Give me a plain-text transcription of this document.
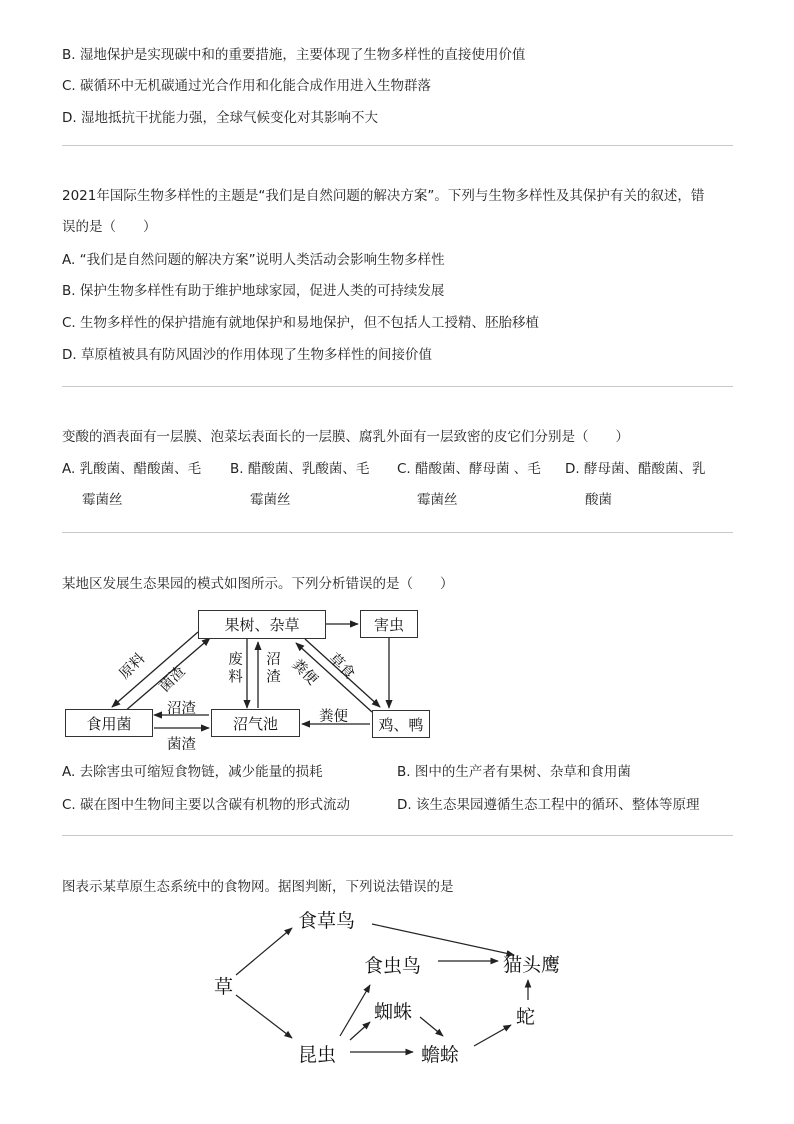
B. 湿地保护是实现碳中和的重要措施，主要体现了生物多样性的直接使用价值
C. 碳循环中无机碳通过光合作用和化能合成作用进入生物群落
D. 湿地抵抗干扰能力强，全球气候变化对其影响不大
2021年国际生物多样性的主题是“我们是自然问题的解决方案”。下列与生物多样性及其保护有关的叙述，错
误的是（　　）
A. “我们是自然问题的解决方案”说明人类活动会影响生物多样性
B. 保护生物多样性有助于维护地球家园，促进人类的可持续发展
C. 生物多样性的保护措施有就地保护和易地保护，但不包括人工授精、胚胎移植
D. 草原植被具有防风固沙的作用体现了生物多样性的间接价值
变酸的酒表面有一层膜、泡菜坛表面长的一层膜、腐乳外面有一层致密的皮它们分别是（　　）
A. 乳酸菌、醋酸菌、毛
霉菌丝
B. 醋酸菌、乳酸菌、毛
霉菌丝
C. 醋酸菌、酵母菌 、毛
霉菌丝
D. 酵母菌、醋酸菌、乳
酸菌
某地区发展生态果园的模式如图所示。下列分析错误的是（　　）
果树、杂草	害虫
食用菌	沼气池	鸡、鸭
原料 菌渣	废料 沼渣 粪便 草食
沼渣
菌渣
粪便
A. 去除害虫可缩短食物链，减少能量的损耗	B. 图中的生产者有果树、杂草和食用菌
C. 碳在图中生物间主要以含碳有机物的形式流动	D. 该生态果园遵循生态工程中的循环、整体等原理
图表示某草原生态系统中的食物网。据图判断，下列说法错误的是
草
食草鸟
食虫鸟	猫头鹰
蜘蛛	蛇
昆虫	蟾蜍
